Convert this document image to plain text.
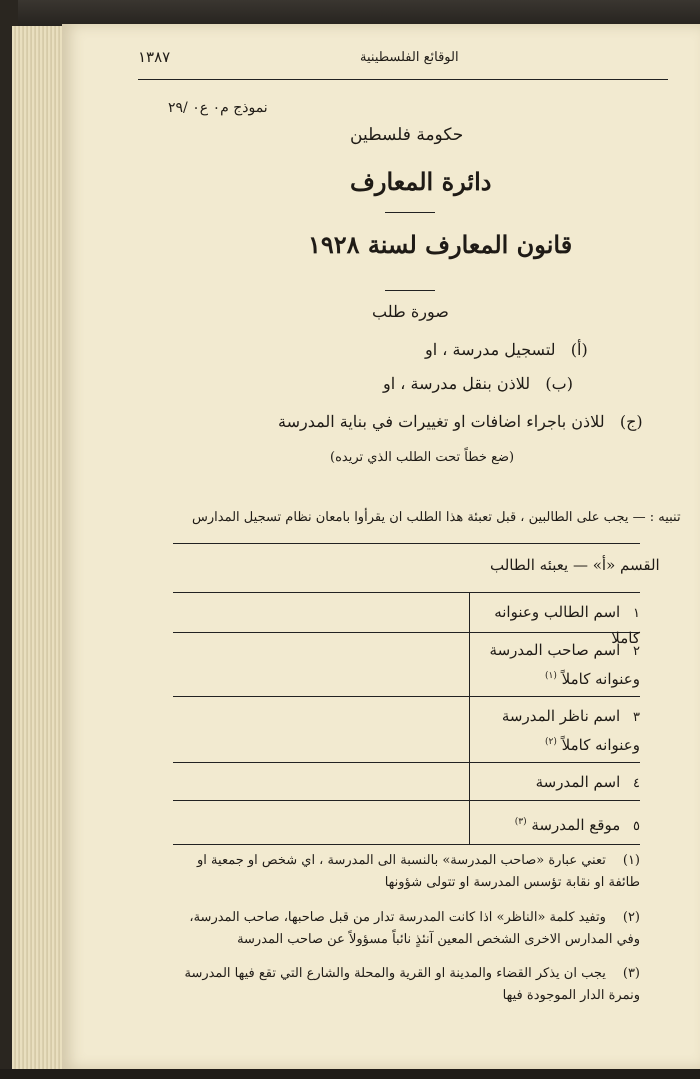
١٣٨٧	الوقائع الفلسطينية
نموذج م٠ ع٠ /٢٩
حكومة فلسطين
دائرة المعارف
قانون المعارف لسنة ١٩٢٨
صورة طلب
(أ)   لتسجيل مدرسة ، او
(ب)   للاذن بنقل مدرسة ، او
(ج)   للاذن باجراء اضافات او تغييرات في بناية المدرسة
(ضع خطاً تحت الطلب الذي تريده)
تنبيه : — يجب على الطالبين ، قبل تعبئة هذا الطلب ان يقرأوا بامعان نظام تسجيل المدارس
القسم «أ» — يعبئه الطالب
١ اسم الطالب وعنوانه كاملا
٢ اسم صاحب المدرسة وعنوانه كاملاً $^{(١)}$
٣ اسم ناظر المدرسة وعنوانه كاملاً $^{(٢)}$
٤ اسم المدرسة
٥ موقع المدرسة $^{(٣)}$
(١) تعني عبارة «صاحب المدرسة» بالنسبة الى المدرسة ، اي شخص او جمعية او طائفة او نقابة تؤسس المدرسة او تتولى شؤونها
(٢) وتفيد كلمة «الناظر» اذا كانت المدرسة تدار من قبل صاحبها، صاحب المدرسة، وفي المدارس الاخرى الشخص المعين آنئذٍ نائباً مسؤولاً عن صاحب المدرسة
(٣) يجب ان يذكر القضاء والمدينة او القرية والمحلة والشارع التي تقع فيها المدرسة ونمرة الدار الموجودة فيها
